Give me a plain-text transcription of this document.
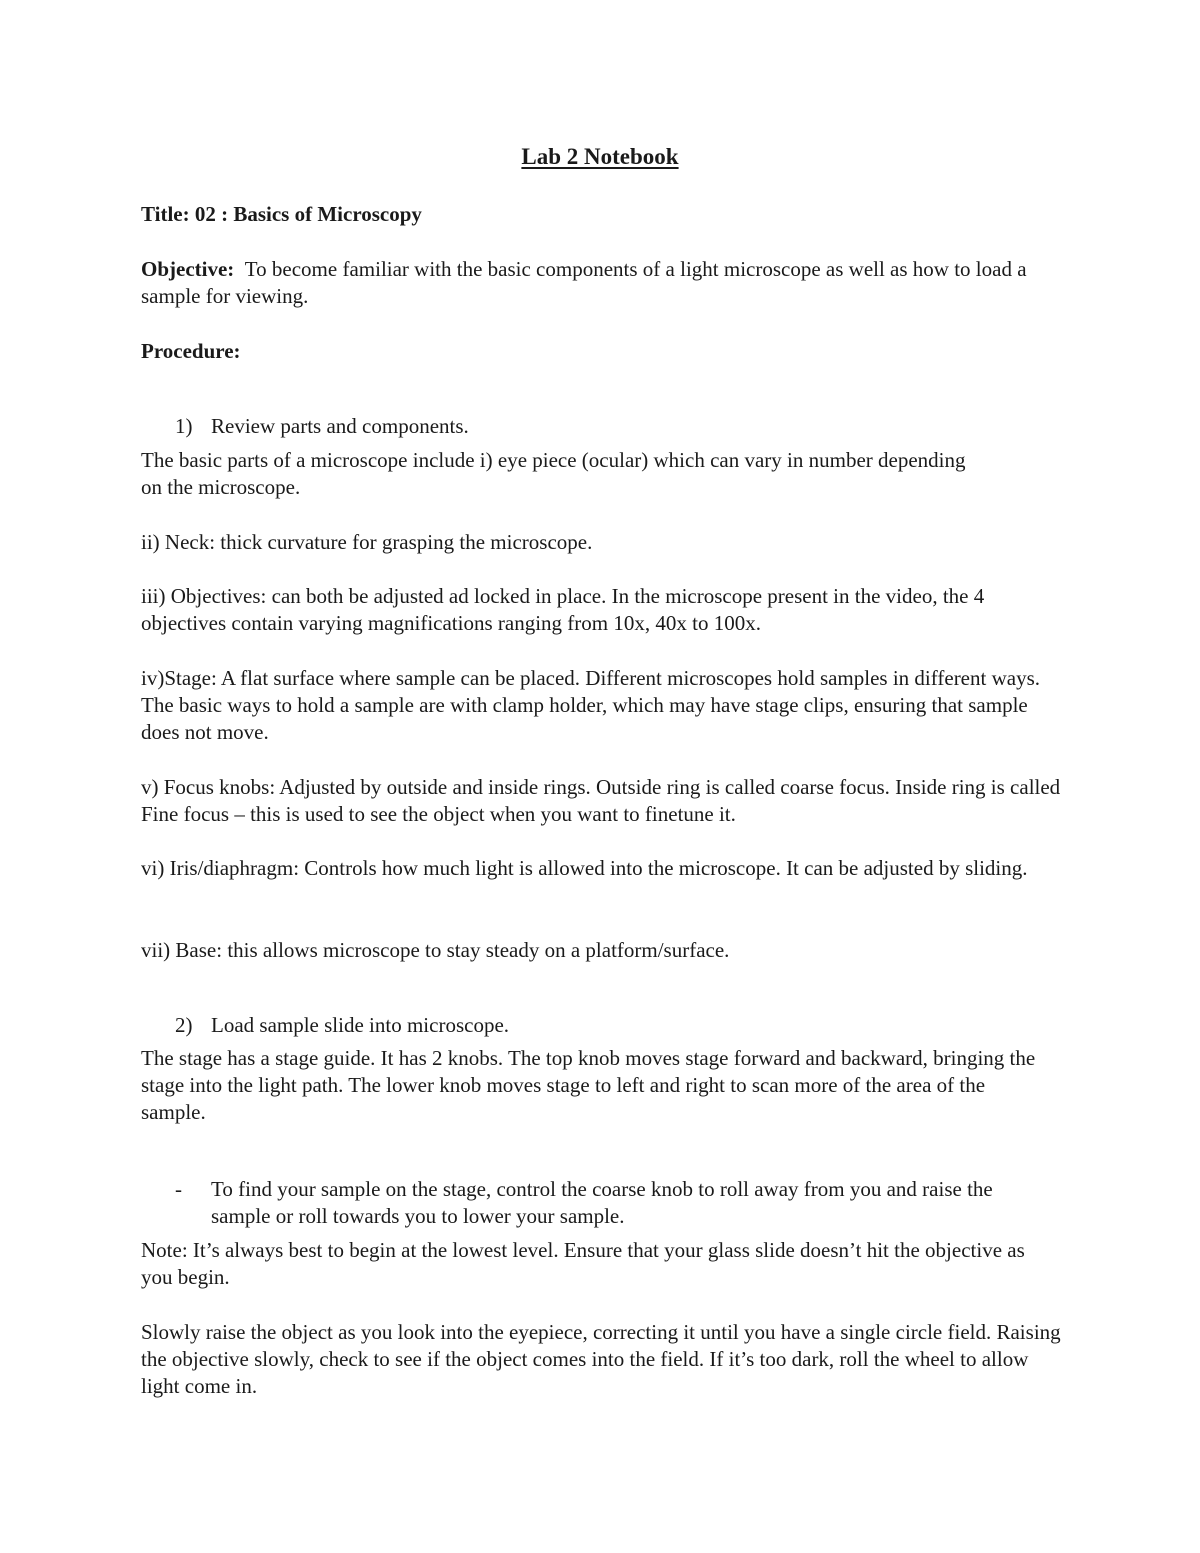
Lab 2 Notebook

Title: 02 : Basics of Microscopy

Objective: To become familiar with the basic components of a light microscope as well as how to load a sample for viewing.

Procedure:

1) Review parts and components.

The basic parts of a microscope include i) eye piece (ocular) which can vary in number depending on the microscope.

ii) Neck: thick curvature for grasping the microscope.

iii) Objectives: can both be adjusted ad locked in place. In the microscope present in the video, the 4 objectives contain varying magnifications ranging from 10x, 40x to 100x.

iv)Stage: A flat surface where sample can be placed. Different microscopes hold samples in different ways. The basic ways to hold a sample are with clamp holder, which may have stage clips, ensuring that sample does not move.

v) Focus knobs: Adjusted by outside and inside rings. Outside ring is called coarse focus. Inside ring is called Fine focus – this is used to see the object when you want to finetune it.

vi) Iris/diaphragm: Controls how much light is allowed into the microscope. It can be adjusted by sliding.

vii) Base: this allows microscope to stay steady on a platform/surface.

2) Load sample slide into microscope.

The stage has a stage guide. It has 2 knobs. The top knob moves stage forward and backward, bringing the stage into the light path. The lower knob moves stage to left and right to scan more of the area of the sample.

- To find your sample on the stage, control the coarse knob to roll away from you and raise the sample or roll towards you to lower your sample.

Note: It’s always best to begin at the lowest level. Ensure that your glass slide doesn’t hit the objective as you begin.

Slowly raise the object as you look into the eyepiece, correcting it until you have a single circle field. Raising the objective slowly, check to see if the object comes into the field. If it’s too dark, roll the wheel to allow light come in.
